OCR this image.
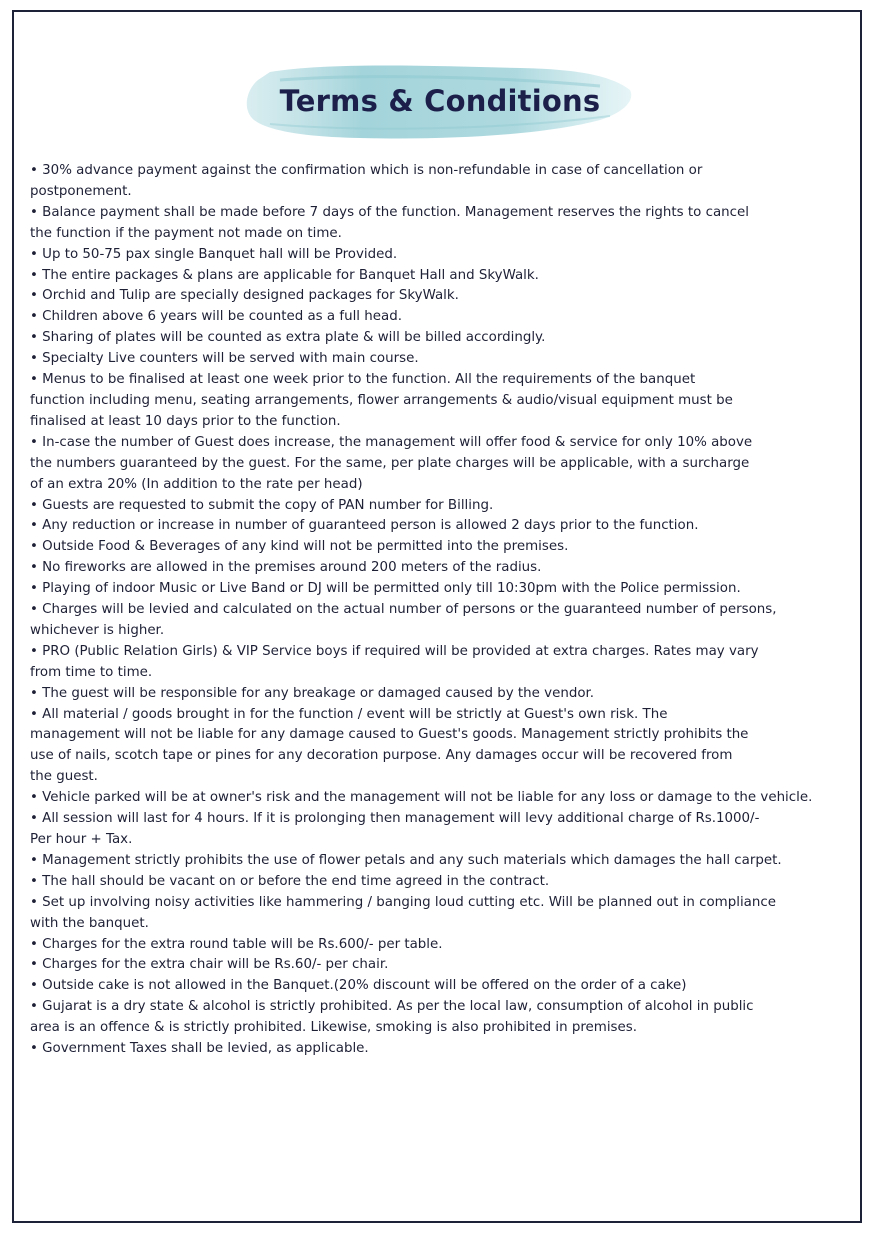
Terms & Conditions
• 30% advance payment against the confirmation which is non-refundable in case of cancellation or
postponement.
• Balance payment shall be made before 7 days of the function. Management reserves the rights to cancel
the function if the payment not made on time.
• Up to 50-75 pax single Banquet hall will be Provided.
• The entire packages & plans are applicable for Banquet Hall and SkyWalk.
• Orchid and Tulip are specially designed packages for SkyWalk.
• Children above 6 years will be counted as a full head.
• Sharing of plates will be counted as extra plate & will be billed accordingly.
• Specialty Live counters will be served with main course.
• Menus to be finalised at least one week prior to the function. All the requirements of the banquet
function including menu, seating arrangements, flower arrangements & audio/visual equipment must be
finalised at least 10 days prior to the function.
• In-case the number of Guest does increase, the management will offer food & service for only 10% above
the numbers guaranteed by the guest. For the same, per plate charges will be applicable, with a surcharge
of an extra 20% (In addition to the rate per head)
• Guests are requested to submit the copy of PAN number for Billing.
• Any reduction or increase in number of guaranteed person is allowed 2 days prior to the function.
• Outside Food & Beverages of any kind will not be permitted into the premises.
• No fireworks are allowed in the premises around 200 meters of the radius.
• Playing of indoor Music or Live Band or DJ will be permitted only till 10:30pm with the Police permission.
• Charges will be levied and calculated on the actual number of persons or the guaranteed number of persons,
whichever is higher.
• PRO (Public Relation Girls) & VIP Service boys if required will be provided at extra charges. Rates may vary
from time to time.
• The guest will be responsible for any breakage or damaged caused by the vendor.
• All material / goods brought in for the function / event will be strictly at Guest's own risk. The
management will not be liable for any damage caused to Guest's goods. Management strictly prohibits the
use of nails, scotch tape or pines for any decoration purpose. Any damages occur will be recovered from
the guest.
• Vehicle parked will be at owner's risk and the management will not be liable for any loss or damage to the vehicle.
• All session will last for 4 hours. If it is prolonging then management will levy additional charge of Rs.1000/-
Per hour + Tax.
• Management strictly prohibits the use of flower petals and any such materials which damages the hall carpet.
• The hall should be vacant on or before the end time agreed in the contract.
• Set up involving noisy activities like hammering / banging loud cutting etc. Will be planned out in compliance
with the banquet.
• Charges for the extra round table will be Rs.600/- per table.
• Charges for the extra chair will be Rs.60/- per chair.
• Outside cake is not allowed in the Banquet.(20% discount will be offered on the order of a cake)
• Gujarat is a dry state & alcohol is strictly prohibited. As per the local law, consumption of alcohol in public
area is an offence & is strictly prohibited. Likewise, smoking is also prohibited in premises.
• Government Taxes shall be levied, as applicable.
